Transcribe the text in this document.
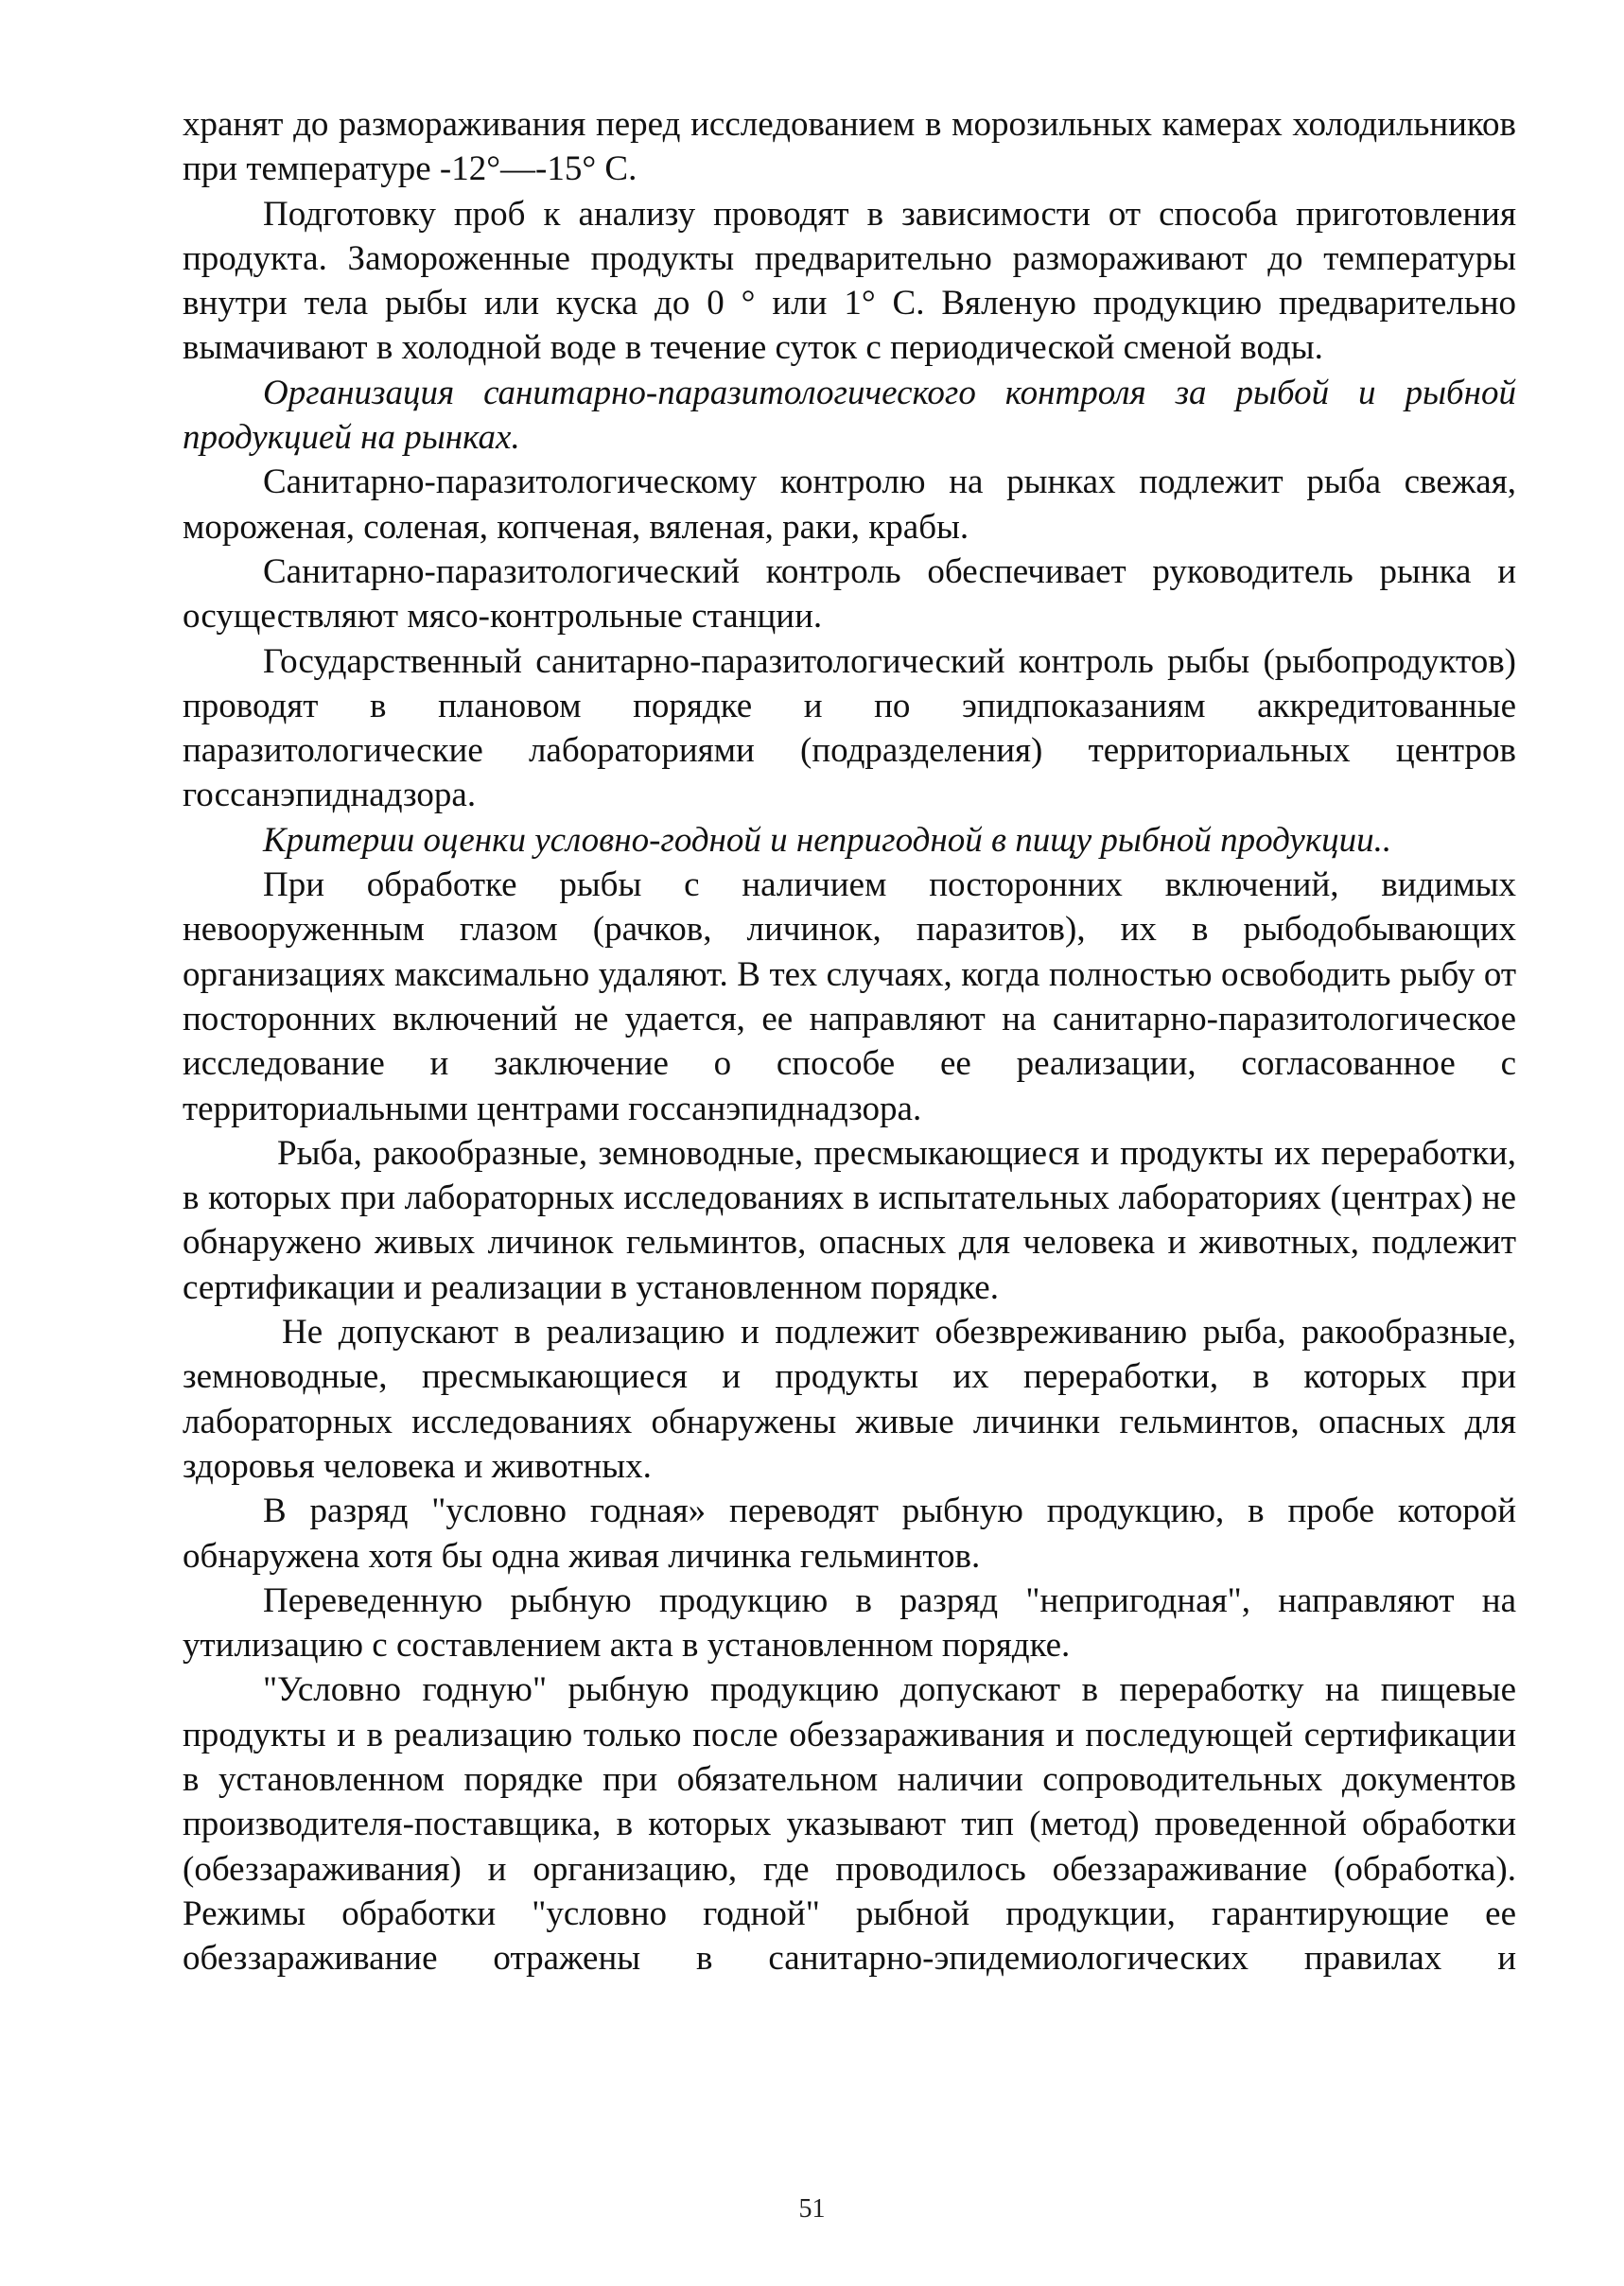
хранят до размораживания перед исследованием в морозильных камерах холодильников при температуре -12°—-15° С.

Подготовку проб к анализу проводят в зависимости от способа приготовления продукта. Замороженные продукты предварительно размораживают до температуры внутри тела рыбы или куска до 0 ° или 1° С. Вяленую продукцию предварительно вымачивают в холодной воде в течение суток с периодической сменой воды.

Организация санитарно-паразитологического контроля за рыбой и рыбной продукцией на рынках.

Санитарно-паразитологическому контролю на рынках подлежит рыба свежая, мороженая, соленая, копченая, вяленая, раки, крабы.

Санитарно-паразитологический контроль обеспечивает руководитель рынка и осуществляют мясо-контрольные станции.

Государственный санитарно-паразитологический контроль рыбы (рыбопродуктов) проводят в плановом порядке и по эпидпоказаниям аккредитованные паразитологические лабораториями (подразделения) территориальных центров госсанэпиднадзора.

Критерии оценки условно-годной и непригодной в пищу рыбной продукции..

При обработке рыбы с наличием посторонних включений, видимых невооруженным глазом (рачков, личинок, паразитов), их в рыбодобывающих организациях максимально удаляют. В тех случаях, когда полностью освободить рыбу от посторонних включений не удается, ее направляют на санитарно-паразитологическое исследование и заключение о способе ее реализации, согласованное с территориальными центрами госсанэпиднадзора.

Рыба, ракообразные, земноводные, пресмыкающиеся и продукты их переработки, в которых при лабораторных исследованиях в испытательных лабораториях (центрах) не обнаружено живых личинок гельминтов, опасных для человека и животных, подлежит сертификации и реализации в установленном порядке.

Не допускают в реализацию и подлежит обезвреживанию рыба, ракообразные, земноводные, пресмыкающиеся и продукты их переработки, в которых при лабораторных исследованиях обнаружены живые личинки гельминтов, опасных для здоровья человека и животных.

В разряд "условно годная» переводят рыбную продукцию, в пробе которой обнаружена хотя бы одна живая личинка гельминтов.

Переведенную рыбную продукцию в разряд "непригодная", направляют на утилизацию с составлением акта в установленном порядке.

"Условно годную" рыбную продукцию допускают в переработку на пищевые продукты и в реализацию только после обеззараживания и последующей сертификации в установленном порядке при обязательном наличии сопроводительных документов производителя-поставщика, в которых указывают тип (метод) проведенной обработки (обеззараживания) и организацию, где проводилось обеззараживание (обработка). Режимы обработки "условно годной" рыбной продукции, гарантирующие ее обеззараживание отражены в санитарно-эпидемиологических правилах и

51
